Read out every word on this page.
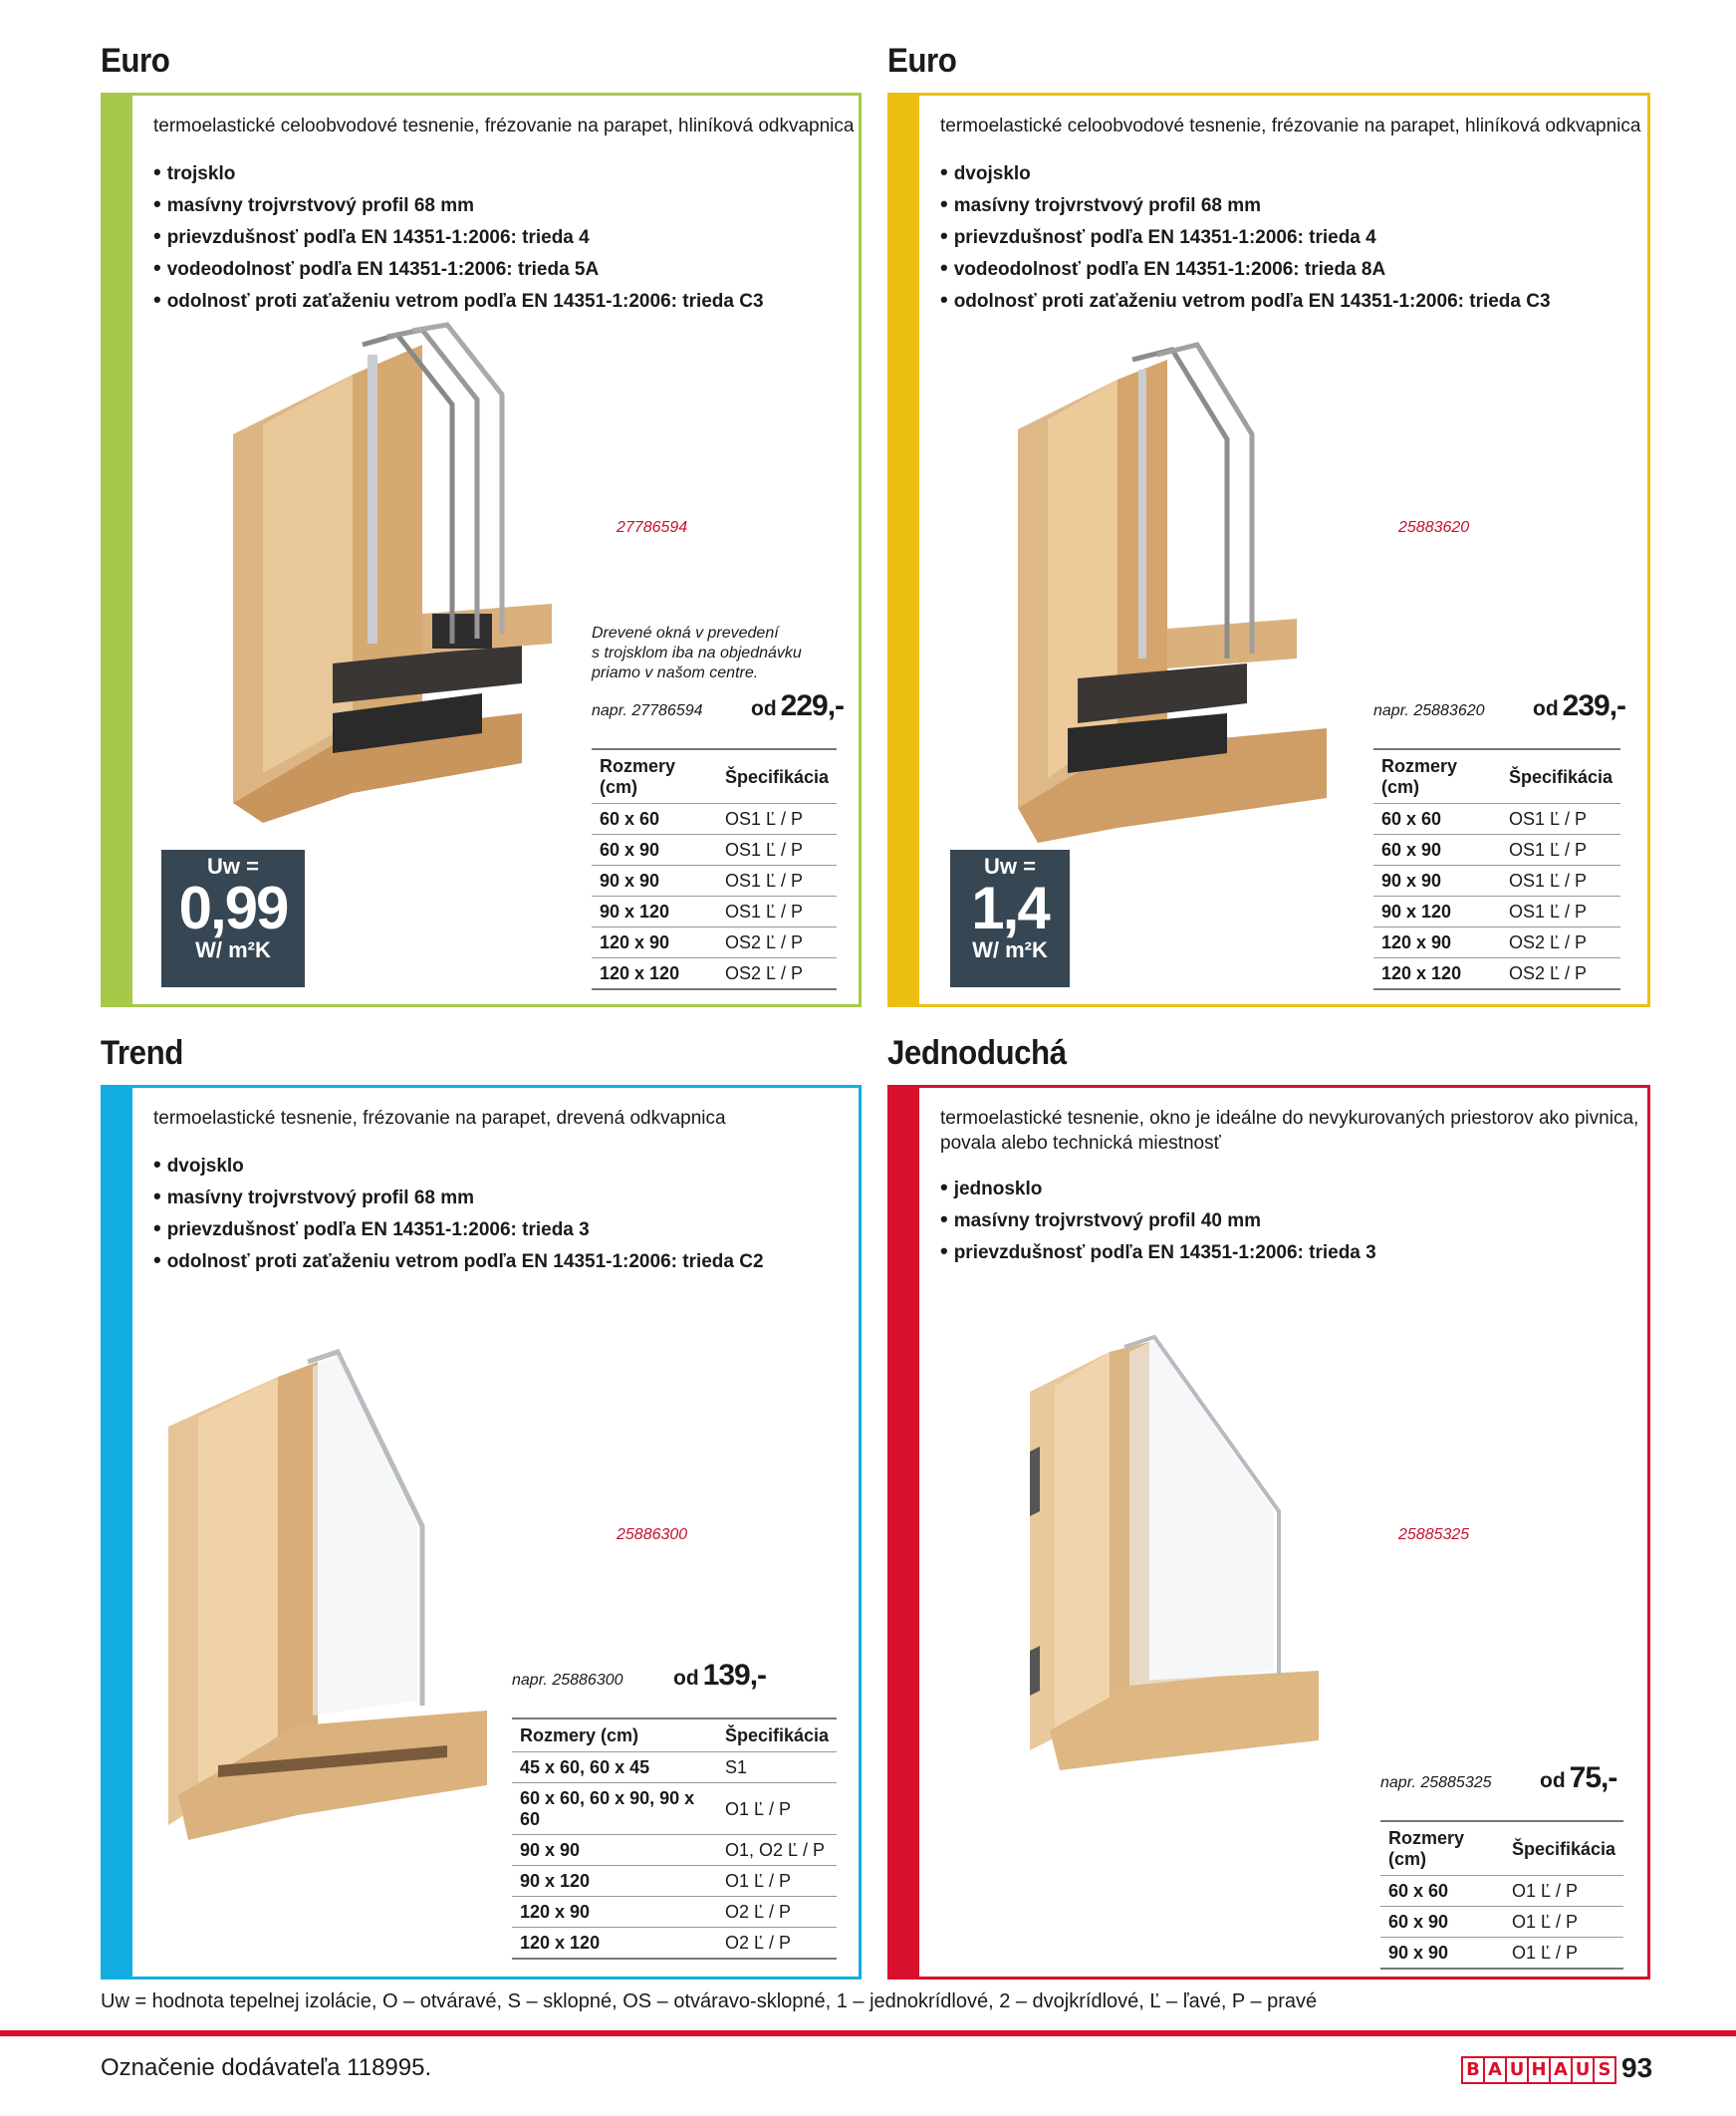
Euro
termoelastické celoobvodové tesnenie, frézovanie na parapet, hliníková odkvapnica
• trojsklo
• masívny trojvrstvový profil 68 mm
• prievzdušnosť podľa EN 14351-1:2006: trieda 4
• vodeodolnosť podľa EN 14351-1:2006: trieda 5A
• odolnosť proti zaťaženiu vetrom podľa EN 14351-1:2006: trieda C3
27786594
Drevené okná v prevedení
s trojsklom iba na objednávku
priamo v našom centre.
napr. 27786594	od 229,-
Uw =
0,99
W/ m²K
Rozmery (cm)	Špecifikácia
60 x 60	OS1 Ľ / P
60 x 90	OS1 Ľ / P
90 x 90	OS1 Ľ / P
90 x 120	OS1 Ľ / P
120 x 90	OS2 Ľ / P
120 x 120	OS2 Ľ / P
Euro
termoelastické celoobvodové tesnenie, frézovanie na parapet, hliníková odkvapnica
• dvojsklo
• masívny trojvrstvový profil 68 mm
• prievzdušnosť podľa EN 14351-1:2006: trieda 4
• vodeodolnosť podľa EN 14351-1:2006: trieda 8A
• odolnosť proti zaťaženiu vetrom podľa EN 14351-1:2006: trieda C3
25883620
napr. 25883620	od 239,-
Uw =
1,4
W/ m²K
Rozmery (cm)	Špecifikácia
60 x 60	OS1 Ľ / P
60 x 90	OS1 Ľ / P
90 x 90	OS1 Ľ / P
90 x 120	OS1 Ľ / P
120 x 90	OS2 Ľ / P
120 x 120	OS2 Ľ / P
Trend
termoelastické tesnenie, frézovanie na parapet, drevená odkvapnica
• dvojsklo
• masívny trojvrstvový profil 68 mm
• prievzdušnosť podľa EN 14351-1:2006: trieda 3
• odolnosť proti zaťaženiu vetrom podľa EN 14351-1:2006: trieda C2
25886300
napr. 25886300	od 139,-
Rozmery (cm)	Špecifikácia
45 x 60, 60 x 45	S1
60 x 60, 60 x 90, 90 x 60	O1 Ľ / P
90 x 90	O1, O2 Ľ / P
90 x 120	O1 Ľ / P
120 x 90	O2 Ľ / P
120 x 120	O2 Ľ / P
Jednoduchá
termoelastické tesnenie, okno je ideálne do nevykurovaných priestorov ako pivnica,
povala alebo technická miestnosť
• jednosklo
• masívny trojvrstvový profil 40 mm
• prievzdušnosť podľa EN 14351-1:2006: trieda 3
25885325
napr. 25885325	od 75,-
Rozmery (cm)	Špecifikácia
60 x 60	O1 Ľ / P
60 x 90	O1 Ľ / P
90 x 90	O1 Ľ / P
Uw = hodnota tepelnej izolácie, O – otváravé, S – sklopné, OS – otváravo-sklopné, 1 – jednokrídlové, 2 – dvojkrídlové, Ľ – ľavé, P – pravé
Označenie dodávateľa 118995.	B A U H A U S 93
